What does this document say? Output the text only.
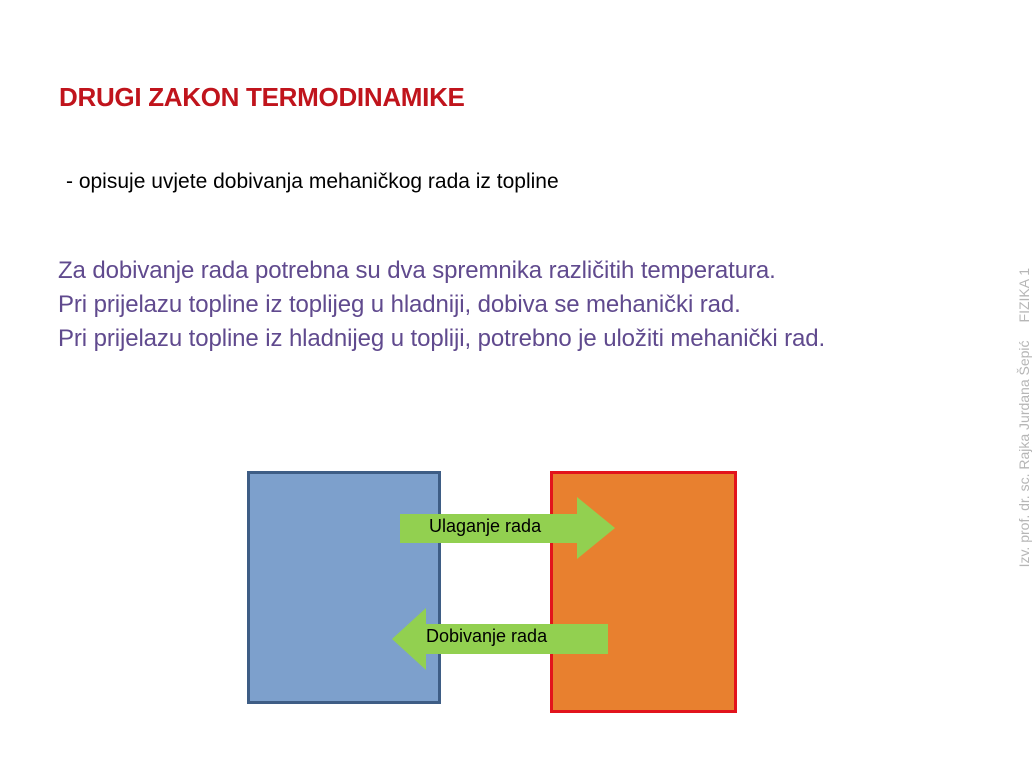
DRUGI ZAKON TERMODINAMIKE
- opisuje uvjete dobivanja mehaničkog rada iz topline
Za dobivanje rada potrebna su dva spremnika različitih temperatura.
Pri prijelazu topline iz toplijeg u hladniji, dobiva se mehanički rad.
Pri prijelazu topline iz hladnijeg u topliji, potrebno je uložiti mehanički rad.
Izv. prof. dr. sc. Rajka Jurdana ŠepićFIZIKA 1
Ulaganje rada
Dobivanje rada
